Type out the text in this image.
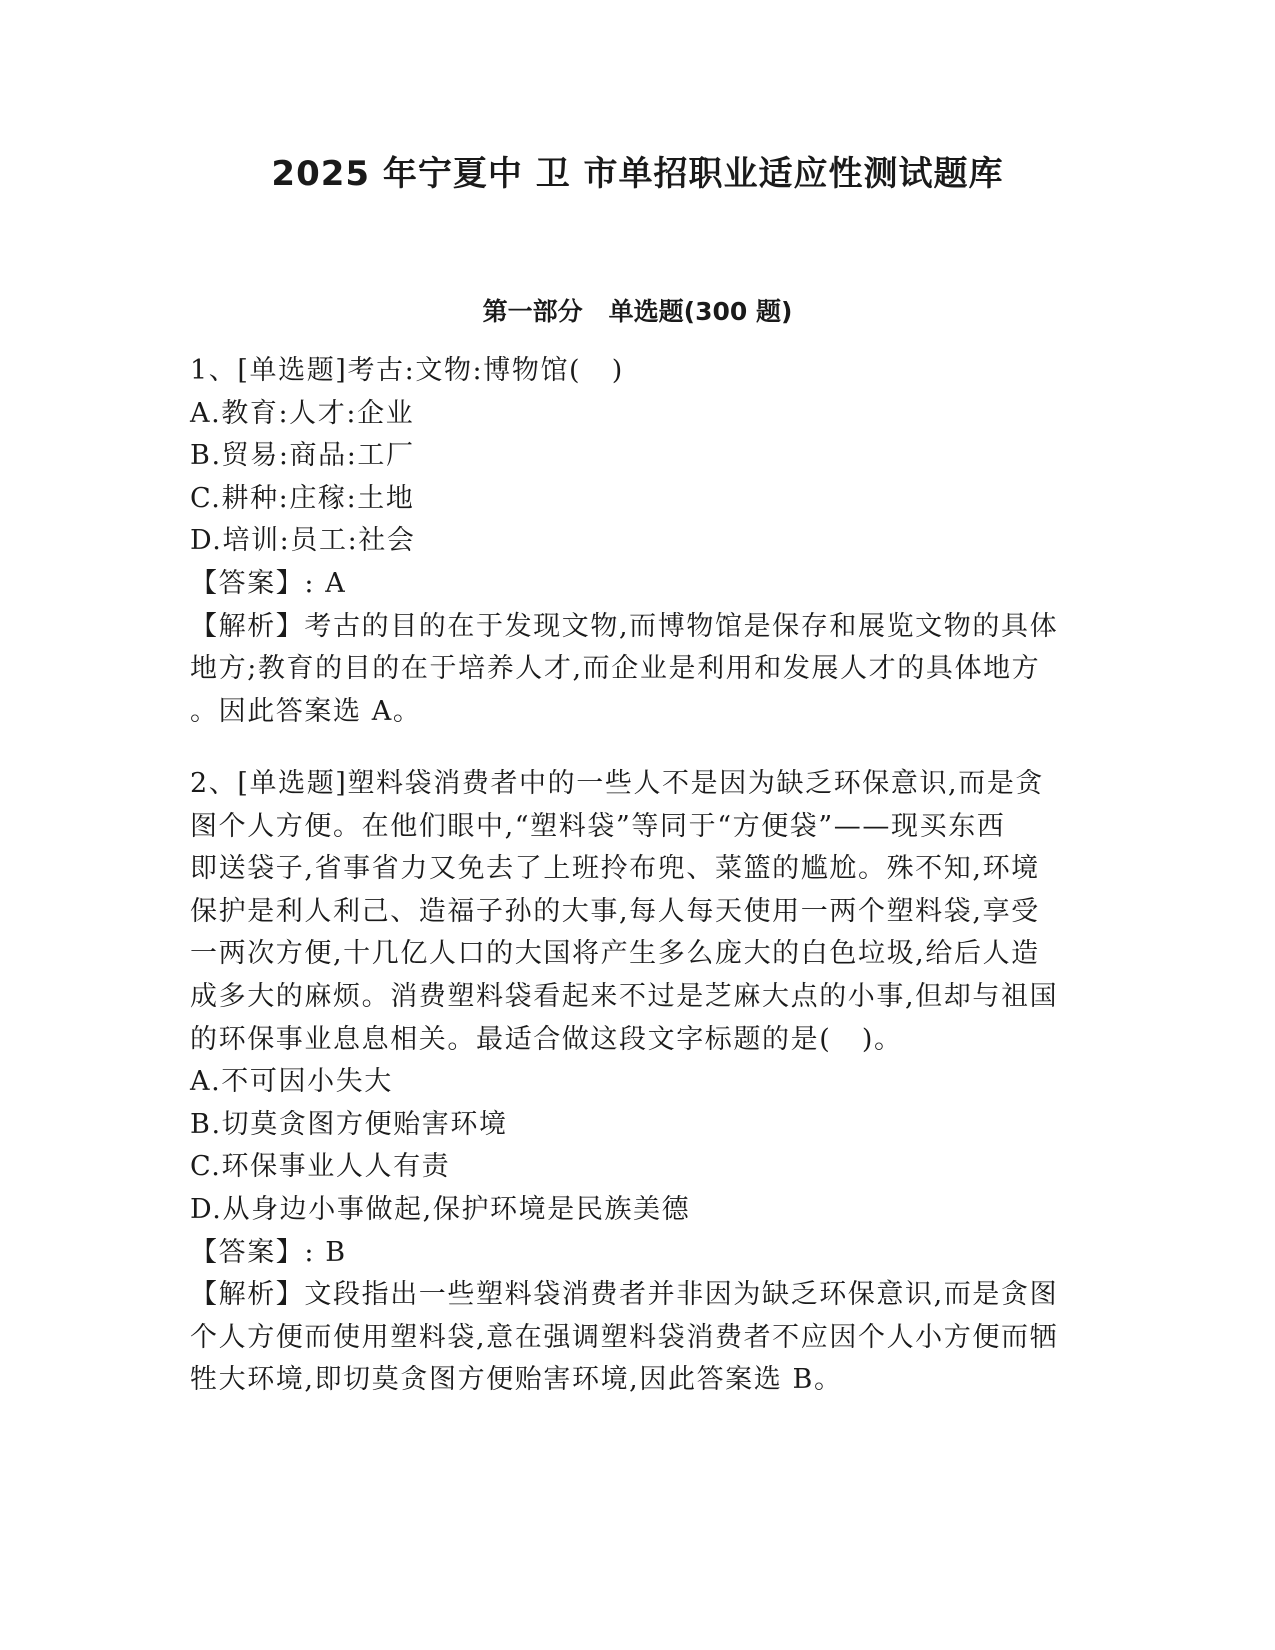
2025 年宁夏中 卫 市单招职业适应性测试题库
第一部分   单选题(300 题)
1、[单选题]考古:文物:博物馆(   )
A.教育:人才:企业
B.贸易:商品:工厂
C.耕种:庄稼:土地
D.培训:员工:社会
【答案】: A
【解析】考古的目的在于发现文物,而博物馆是保存和展览文物的具体
地方;教育的目的在于培养人才,而企业是利用和发展人才的具体地方
。因此答案选 A。
2、[单选题]塑料袋消费者中的一些人不是因为缺乏环保意识,而是贪
图个人方便。在他们眼中,“塑料袋”等同于“方便袋”——现买东西
即送袋子,省事省力又免去了上班拎布兜、菜篮的尴尬。殊不知,环境
保护是利人利己、造福子孙的大事,每人每天使用一两个塑料袋,享受
一两次方便,十几亿人口的大国将产生多么庞大的白色垃圾,给后人造
成多大的麻烦。消费塑料袋看起来不过是芝麻大点的小事,但却与祖国
的环保事业息息相关。最适合做这段文字标题的是(   )。
A.不可因小失大
B.切莫贪图方便贻害环境
C.环保事业人人有责
D.从身边小事做起,保护环境是民族美德
【答案】: B
【解析】文段指出一些塑料袋消费者并非因为缺乏环保意识,而是贪图
个人方便而使用塑料袋,意在强调塑料袋消费者不应因个人小方便而牺
牲大环境,即切莫贪图方便贻害环境,因此答案选 B。
